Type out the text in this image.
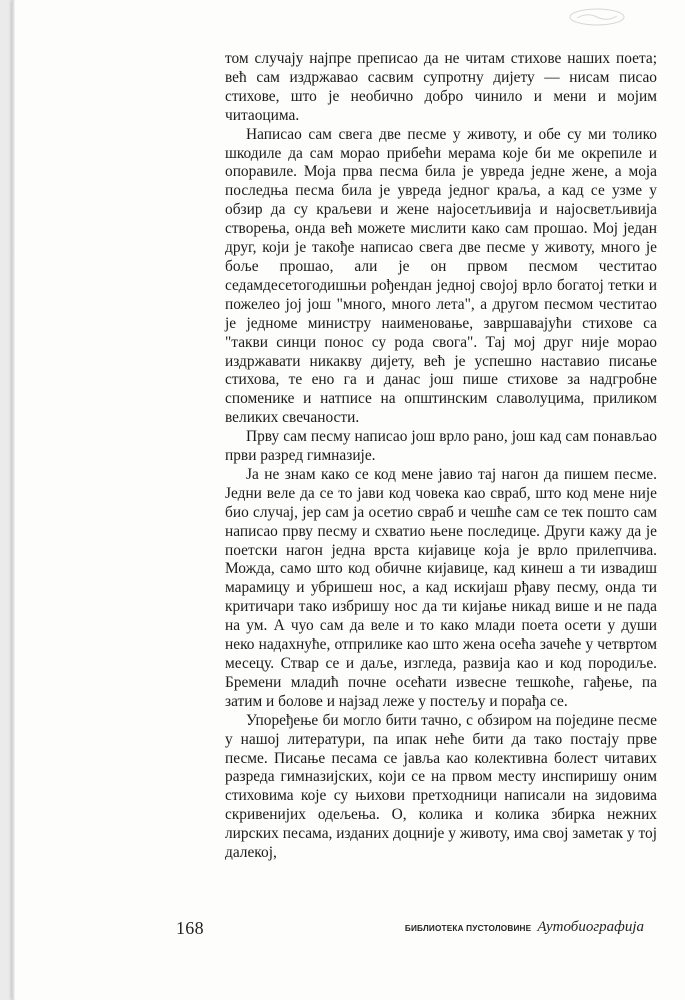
том случају најпре преписао да не читам стихове наших поета; већ сам издржавао сасвим супротну дијету — нисам писао стихове, што је необично добро чинило и мени и мојим читаоцима.

Написао сам свега две песме у животу, и обе су ми толико шкодиле да сам морао прибећи мерама које би ме окрепиле и опоравиле. Моја прва песма била је увреда једне жене, а моја последња песма била је увреда једног краља, а кад се узме у обзир да су краљеви и жене најосетљивија и најосветљивија створења, онда већ можете мислити како сам прошао. Мој један друг, који је такође написао свега две песме у животу, много је боље прошао, али је он првом песмом честитао седамдесетогодишњи рођендан једној својој врло богатој тетки и пожелео јој још "много, много лета", а другом песмом честитао је једноме министру наименовање, завршавајући стихове са "такви синци понос су рода свога". Тај мој друг није морао издржавати никакву дијету, већ је успешно наставио писање стихова, те ено га и данас још пише стихове за надгробне споменике и натписе на општинским славолуцима, приликом великих свечаности.

Прву сам песму написао још врло рано, још кад сам понављао први разред гимназије.

Ја не знам како се код мене јавио тај нагон да пишем песме. Једни веле да се то јави код човека као свраб, што код мене није био случај, јер сам ја осетио свраб и чешће сам се тек пошто сам написао прву песму и схватио њене последице. Други кажу да је поетски нагон једна врста кијавице која је врло прилепчива. Можда, само што код обичне кијавице, кад кинеш а ти извадиш марамицу и убришеш нос, а кад искијаш рђаву песму, онда ти критичари тако избришу нос да ти кијање никад више и не пада на ум. А чуо сам да веле и то како млади поета осети у души неко надахнуће, отприлике као што жена осећа зачеће у четвртом месецу. Ствар се и даље, изгледа, развија као и код породиље. Бремени младић почне осећати извесне тешкоће, гађење, па затим и болове и најзад леже у постељу и порађа се.

Упоређење би могло бити тачно, с обзиром на поједине песме у нашој литератури, па ипак неће бити да тако постају прве песме. Писање песама се јавља као колективна болест читавих разреда гимназијских, који се на првом месту инспиришу оним стиховима које су њихови претходници написали на зидовима скривенијих одељења. О, колика и колика збирка нежних лирских песама, изданих доцније у животу, има свој заметак у тој далекој,

168	БИБЛИОТЕКА ПУСТОЛОВИНЕ Аутобиографија
